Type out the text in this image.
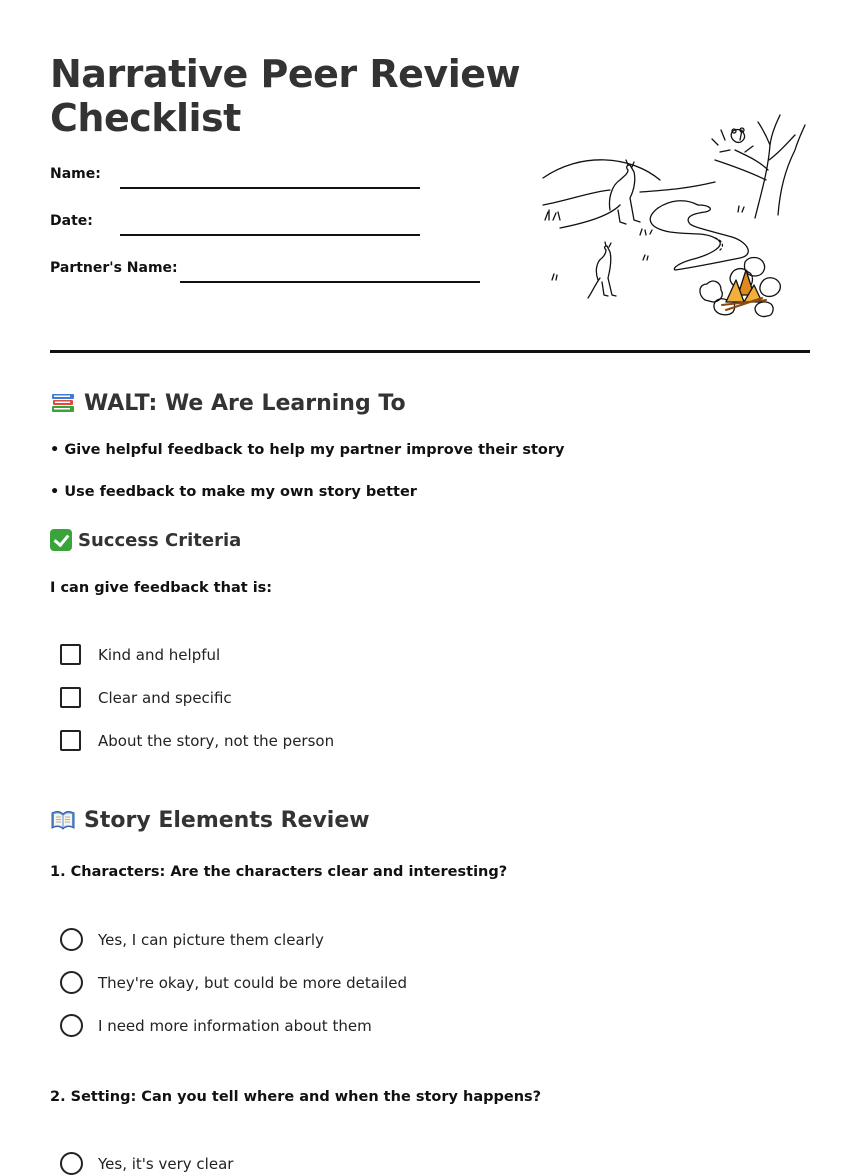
Narrative Peer Review
Checklist
Name:
Date:
Partner's Name:
WALT: We Are Learning To
• Give helpful feedback to help my partner improve their story
• Use feedback to make my own story better
Success Criteria
I can give feedback that is:
Kind and helpful
Clear and specific
About the story, not the person
Story Elements Review
1. Characters: Are the characters clear and interesting?
Yes, I can picture them clearly
They're okay, but could be more detailed
I need more information about them
2. Setting: Can you tell where and when the story happens?
Yes, it's very clear
